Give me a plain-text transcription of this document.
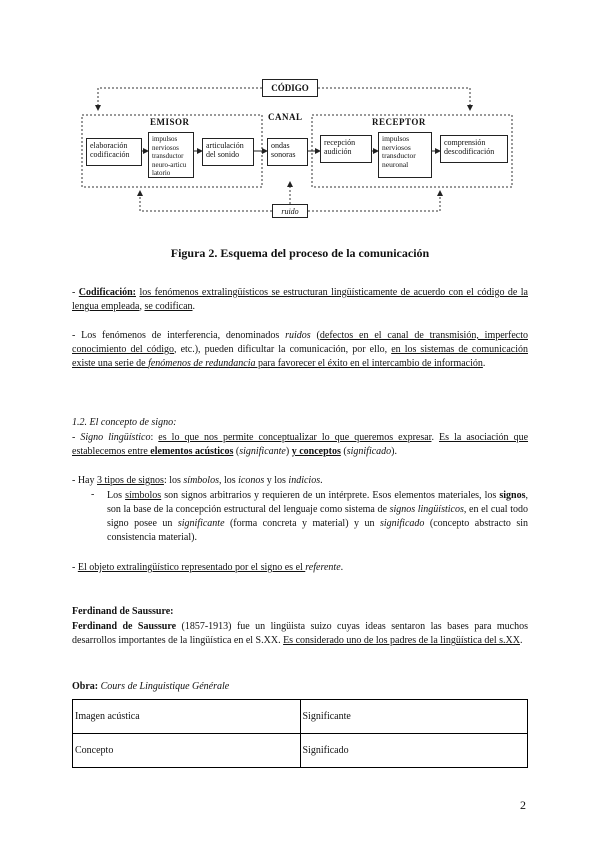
CÓDIGO
CANAL
EMISOR	RECEPTOR
elaboración codificación
impulsos nerviosos transductor neuro-articu latorio
articulación del sonido
ondas sonoras
recepción audición
impulsos nerviosos transductor neuronal
comprensión descodificación
ruido
Figura 2. Esquema del proceso de la comunicación

- Codificación: los fenómenos extralingüísticos se estructuran lingüísticamente de acuerdo con el código de la lengua empleada, se codifican.

- Los fenómenos de interferencia, denominados ruidos (defectos en el canal de transmisión, imperfecto conocimiento del código, etc.), pueden dificultar la comunicación, por ello, en los sistemas de comunicación existe una serie de fenómenos de redundancia para favorecer el éxito en el intercambio de información.

1.2. El concepto de signo:

- Signo lingüístico: es lo que nos permite conceptualizar lo que queremos expresar. Es la asociación que establecemos entre elementos acústicos (significante) y conceptos (significado).

- Hay 3 tipos de signos: los símbolos, los iconos y los indicios.

- Los símbolos son signos arbitrarios y requieren de un intérprete. Esos elementos materiales, los signos, son la base de la concepción estructural del lenguaje como sistema de signos lingüísticos, en el cual todo signo posee un significante (forma concreta y material) y un significado (concepto abstracto sin consistencia material).

- El objeto extralingüístico representado por el signo es el referente.

Ferdinand de Saussure:

Ferdinand de Saussure (1857-1913) fue un lingüista suizo cuyas ideas sentaron las bases para muchos desarrollos importantes de la lingüística en el S.XX. Es considerado uno de los padres de la lingüística del s.XX.

Obra: Cours de Linguistique Générale

Imagen acústica	Significante
Concepto	Significado
2
